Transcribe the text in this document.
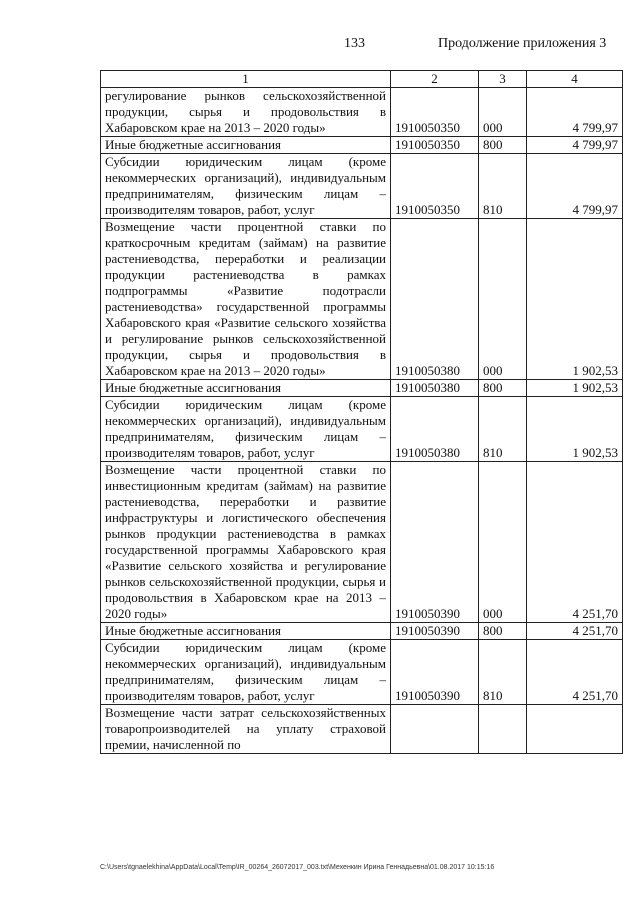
133	Продолжение приложения 3
1	2	3	4
регулирование рынков сельскохозяйственной продукции, сырья и продовольствия в Хабаровском крае на 2013 – 2020 годы»	1910050350	000	4 799,97
Иные бюджетные ассигнования	1910050350	800	4 799,97
Субсидии юридическим лицам (кроме некоммерческих организаций), индивидуальным предпринимателям, физическим лицам – производителям товаров, работ, услуг	1910050350	810	4 799,97
Возмещение части процентной ставки по краткосрочным кредитам (займам) на развитие растениеводства, переработки и реализации продукции растениеводства в рамках подпрограммы «Развитие подотрасли растениеводства» государственной программы Хабаровского края «Развитие сельского хозяйства и регулирование рынков сельскохозяйственной продукции, сырья и продовольствия в Хабаровском крае на 2013 – 2020 годы»	1910050380	000	1 902,53
Иные бюджетные ассигнования	1910050380	800	1 902,53
Субсидии юридическим лицам (кроме некоммерческих организаций), индивидуальным предпринимателям, физическим лицам – производителям товаров, работ, услуг	1910050380	810	1 902,53
Возмещение части процентной ставки по инвестиционным кредитам (займам) на развитие растениеводства, переработки и развитие инфраструктуры и логистического обеспечения рынков продукции растениеводства в рамках государственной программы Хабаровского края «Развитие сельского хозяйства и регулирование рынков сельскохозяйственной продукции, сырья и продовольствия в Хабаровском крае на 2013 – 2020 годы»	1910050390	000	4 251,70
Иные бюджетные ассигнования	1910050390	800	4 251,70
Субсидии юридическим лицам (кроме некоммерческих организаций), индивидуальным предпринимателям, физическим лицам – производителям товаров, работ, услуг	1910050390	810	4 251,70
Возмещение части затрат сельскохозяйственных товаропроизводителей на уплату страховой премии, начисленной по			
C:\Users\tgnaelekhina\AppData\Local\Temp\IR_00264_26072017_003.txt\Мехенкин Ирина Геннадьевна\01.08.2017 10:15:16
